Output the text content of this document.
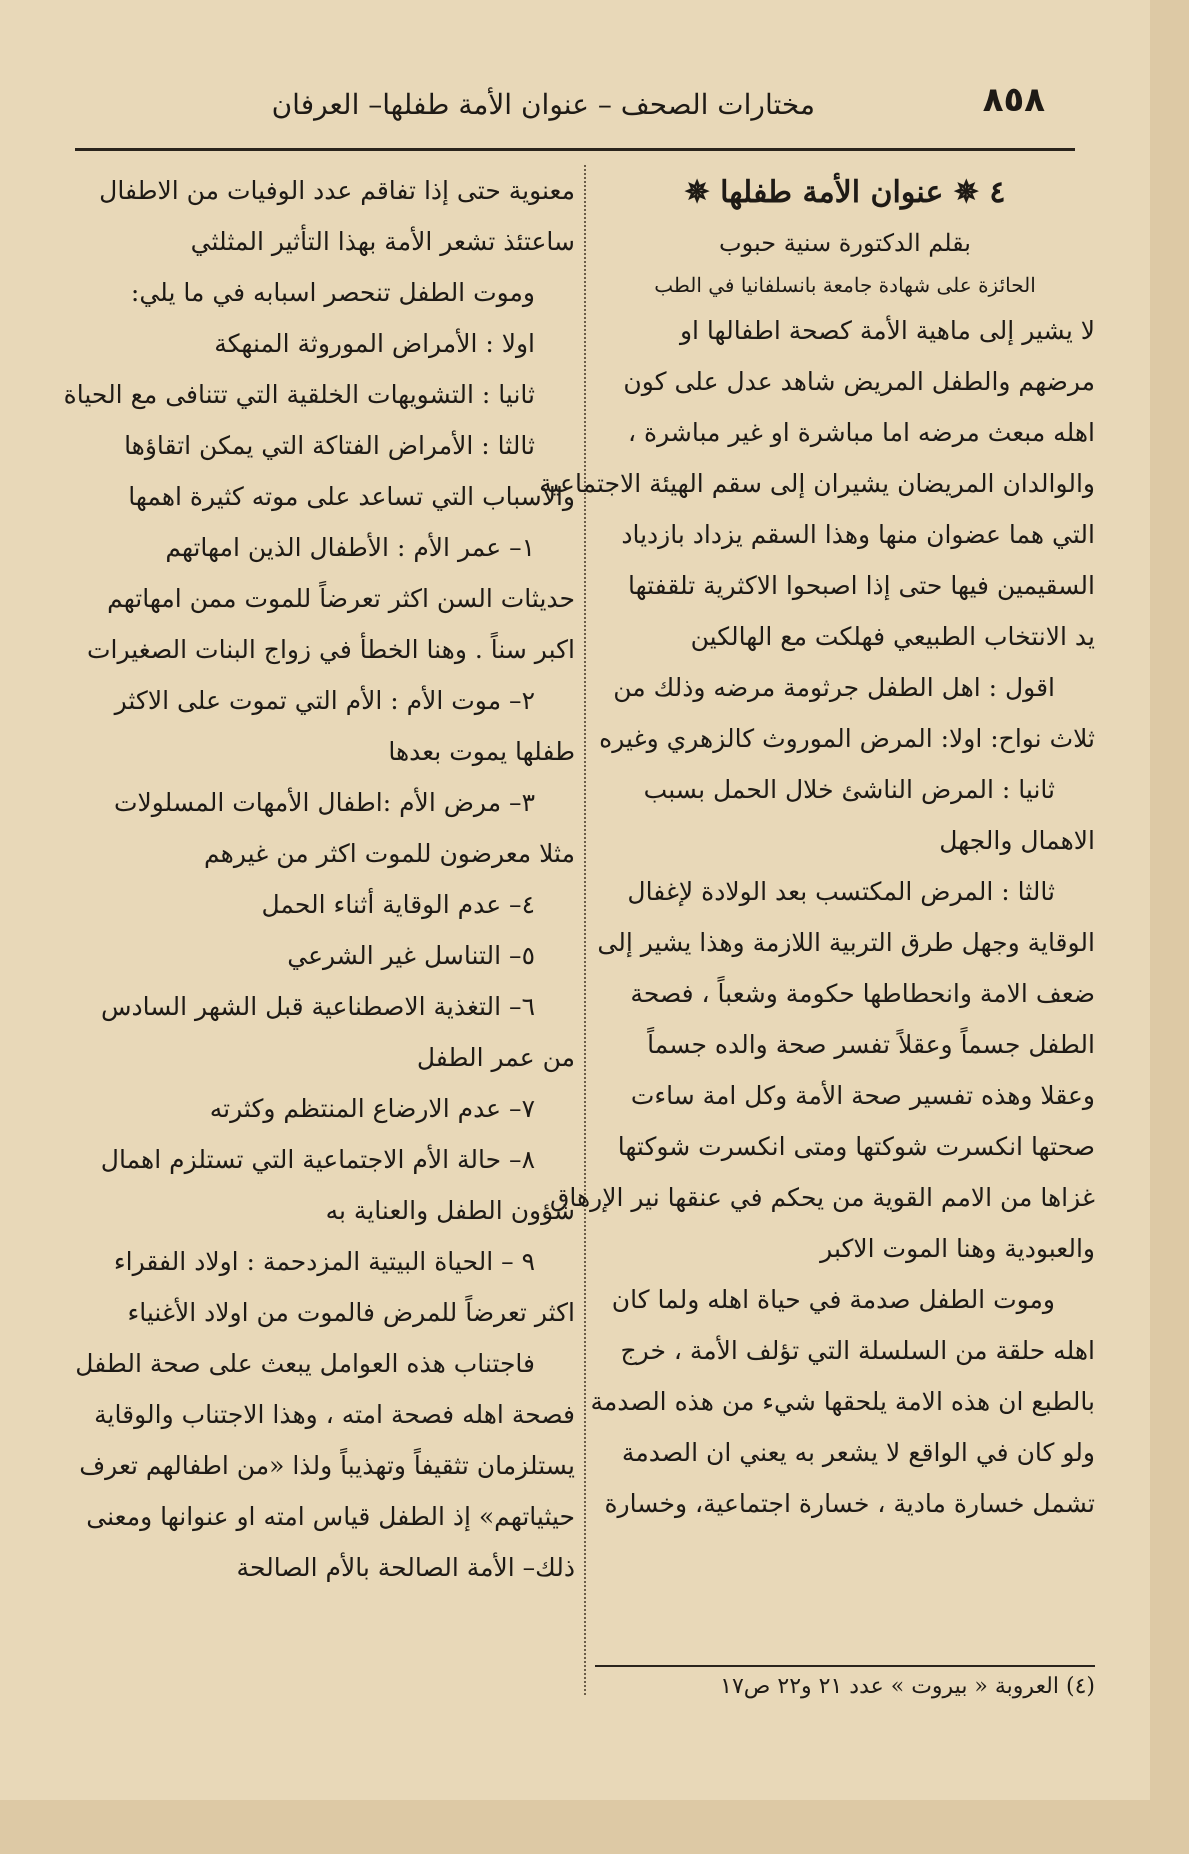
٨٥٨
مختارات الصحف – عنوان الأمة طفلها– العرفان

٤ ✵ عنوان الأمة طفلها ✵

بقلم الدكتورة سنية حبوب

الحائزة على شهادة جامعة بانسلفانيا في الطب

لا يشير إلى ماهية الأمة كصحة اطفالها او

مرضهم والطفل المريض شاهد عدل على كون

اهله مبعث مرضه اما مباشرة او غير مباشرة ،

والوالدان المريضان يشيران إلى سقم الهيئة الاجتماعية

التي هما عضوان منها وهذا السقم يزداد بازدياد

السقيمين فيها حتى إذا اصبحوا الاكثرية تلقفتها

يد الانتخاب الطبيعي فهلكت مع الهالكين

اقول : اهل الطفل جرثومة مرضه وذلك من

ثلاث نواح: اولا: المرض الموروث كالزهري وغيره

ثانيا : المرض الناشئ خلال الحمل بسبب

الاهمال والجهل

ثالثا : المرض المكتسب بعد الولادة لإغفال

الوقاية وجهل طرق التربية اللازمة وهذا يشير إلى

ضعف الامة وانحطاطها حكومة وشعباً ، فصحة

الطفل جسماً وعقلاً تفسر صحة والده جسماً

وعقلا وهذه تفسير صحة الأمة وكل امة ساءت

صحتها انكسرت شوكتها ومتى انكسرت شوكتها

غزاها من الامم القوية من يحكم في عنقها نير الإرهاق

والعبودية وهنا الموت الاكبر

وموت الطفل صدمة في حياة اهله ولما كان

اهله حلقة من السلسلة التي تؤلف الأمة ، خرج

بالطبع ان هذه الامة يلحقها شيء من هذه الصدمة

ولو كان في الواقع لا يشعر به يعني ان الصدمة

تشمل خسارة مادية ، خسارة اجتماعية، وخسارة

معنوية حتى إذا تفاقم عدد الوفيات من الاطفال

ساعتئذ تشعر الأمة بهذا التأثير المثلثي

وموت الطفل تنحصر اسبابه في ما يلي:

اولا : الأمراض الموروثة المنهكة

ثانيا : التشويهات الخلقية التي تتنافى مع الحياة

ثالثا : الأمراض الفتاكة التي يمكن اتقاؤها

والاسباب التي تساعد على موته كثيرة اهمها

١– عمر الأم : الأطفال الذين امهاتهم

حديثات السن اكثر تعرضاً للموت ممن امهاتهم

اكبر سناً . وهنا الخطأ في زواج البنات الصغيرات

٢– موت الأم : الأم التي تموت على الاكثر

طفلها يموت بعدها

٣– مرض الأم :اطفال الأمهات المسلولات

مثلا معرضون للموت اكثر من غيرهم

٤– عدم الوقاية أثناء الحمل

٥– التناسل غير الشرعي

٦– التغذية الاصطناعية قبل الشهر السادس

من عمر الطفل

٧– عدم الارضاع المنتظم وكثرته

٨– حالة الأم الاجتماعية التي تستلزم اهمال

شؤون الطفل والعناية به

٩ – الحياة البيتية المزدحمة : اولاد الفقراء

اكثر تعرضاً للمرض فالموت من اولاد الأغنياء

فاجتناب هذه العوامل يبعث على صحة الطفل

فصحة اهله فصحة امته ، وهذا الاجتناب والوقاية

يستلزمان تثقيفاً وتهذيباً ولذا «من اطفالهم تعرف

حيثياتهم» إذ الطفل قياس امته او عنوانها ومعنى

ذلك– الأمة الصالحة بالأم الصالحة

(٤) العروبة « بيروت » عدد ٢١ و٢٢ ص١٧
